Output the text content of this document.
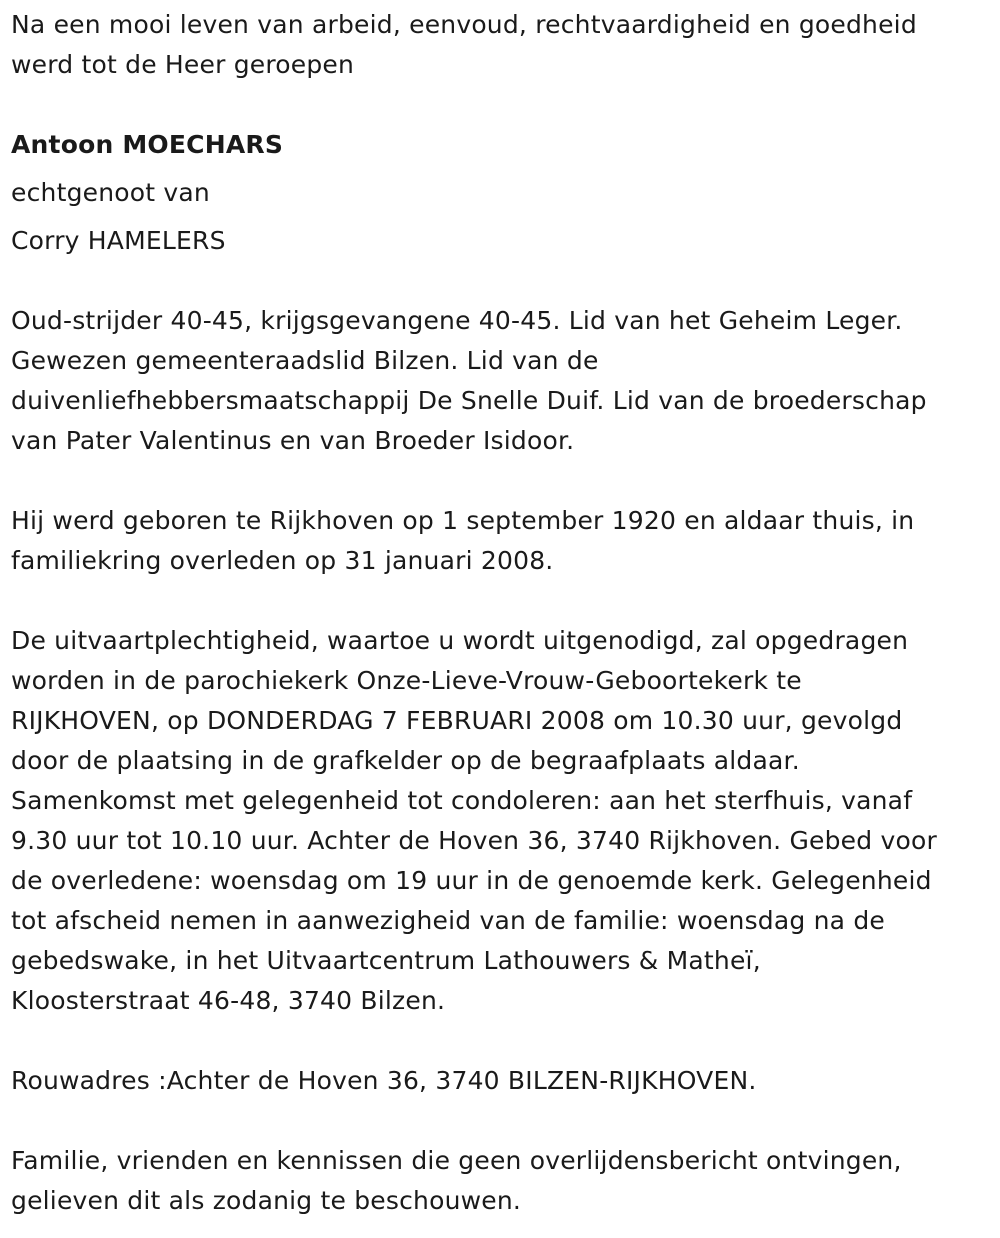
Na een mooi leven van arbeid, eenvoud, rechtvaardigheid en goedheid
werd tot de Heer geroepen
Antoon MOECHARS
echtgenoot van
Corry HAMELERS
Oud-strijder 40-45, krijgsgevangene 40-45. Lid van het Geheim Leger.
Gewezen gemeenteraadslid Bilzen. Lid van de
duivenliefhebbersmaatschappij De Snelle Duif. Lid van de broederschap
van Pater Valentinus en van Broeder Isidoor.
Hij werd geboren te Rijkhoven op 1 september 1920 en aldaar thuis, in
familiekring overleden op 31 januari 2008.
De uitvaartplechtigheid, waartoe u wordt uitgenodigd, zal opgedragen
worden in de parochiekerk Onze-Lieve-Vrouw-Geboortekerk te
RIJKHOVEN, op DONDERDAG 7 FEBRUARI 2008 om 10.30 uur, gevolgd
door de plaatsing in de grafkelder op de begraafplaats aldaar.
Samenkomst met gelegenheid tot condoleren: aan het sterfhuis, vanaf
9.30 uur tot 10.10 uur. Achter de Hoven 36, 3740 Rijkhoven. Gebed voor
de overledene: woensdag om 19 uur in de genoemde kerk. Gelegenheid
tot afscheid nemen in aanwezigheid van de familie: woensdag na de
gebedswake, in het Uitvaartcentrum Lathouwers & Matheï,
Kloosterstraat 46-48, 3740 Bilzen.
Rouwadres :Achter de Hoven 36, 3740 BILZEN-RIJKHOVEN.
Familie, vrienden en kennissen die geen overlijdensbericht ontvingen,
gelieven dit als zodanig te beschouwen.
